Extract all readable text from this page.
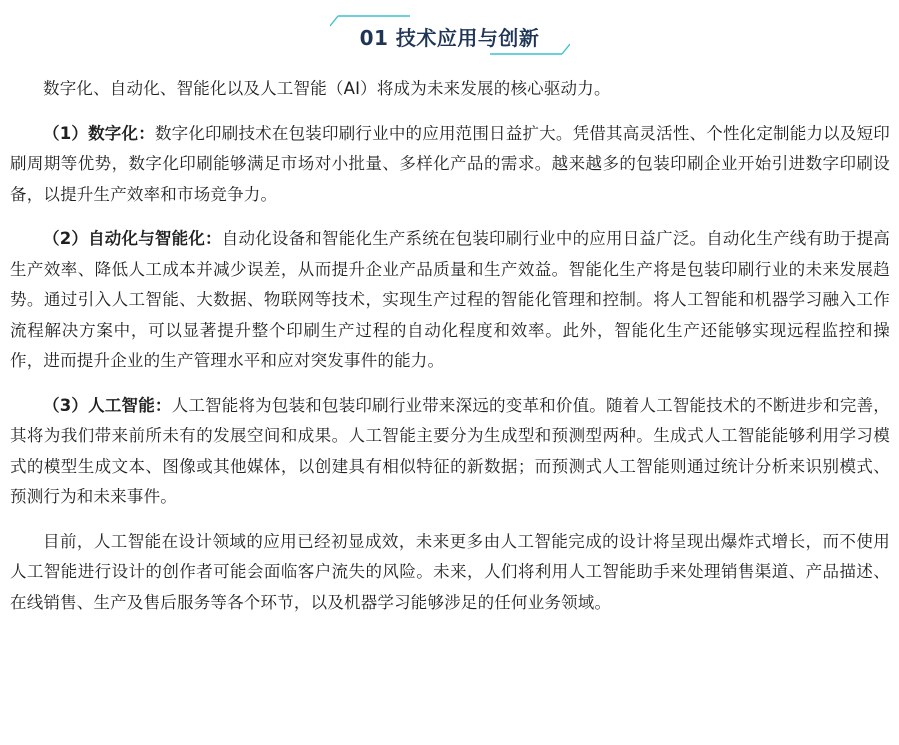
01 技术应用与创新

数字化、自动化、智能化以及人工智能（AI）将成为未来发展的核心驱动力。

（1）数字化：数字化印刷技术在包装印刷行业中的应用范围日益扩大。凭借其高灵活性、个性化定制能力以及短印刷周期等优势，数字化印刷能够满足市场对小批量、多样化产品的需求。越来越多的包装印刷企业开始引进数字印刷设备，以提升生产效率和市场竞争力。

（2）自动化与智能化：自动化设备和智能化生产系统在包装印刷行业中的应用日益广泛。自动化生产线有助于提高生产效率、降低人工成本并减少误差，从而提升企业产品质量和生产效益。智能化生产将是包装印刷行业的未来发展趋势。通过引入人工智能、大数据、物联网等技术，实现生产过程的智能化管理和控制。将人工智能和机器学习融入工作流程解决方案中，可以显著提升整个印刷生产过程的自动化程度和效率。此外，智能化生产还能够实现远程监控和操作，进而提升企业的生产管理水平和应对突发事件的能力。

（3）人工智能：人工智能将为包装和包装印刷行业带来深远的变革和价值。随着人工智能技术的不断进步和完善，其将为我们带来前所未有的发展空间和成果。人工智能主要分为生成型和预测型两种。生成式人工智能能够利用学习模式的模型生成文本、图像或其他媒体，以创建具有相似特征的新数据；而预测式人工智能则通过统计分析来识别模式、预测行为和未来事件。

目前，人工智能在设计领域的应用已经初显成效，未来更多由人工智能完成的设计将呈现出爆炸式增长，而不使用人工智能进行设计的创作者可能会面临客户流失的风险。未来，人们将利用人工智能助手来处理销售渠道、产品描述、在线销售、生产及售后服务等各个环节，以及机器学习能够涉足的任何业务领域。
